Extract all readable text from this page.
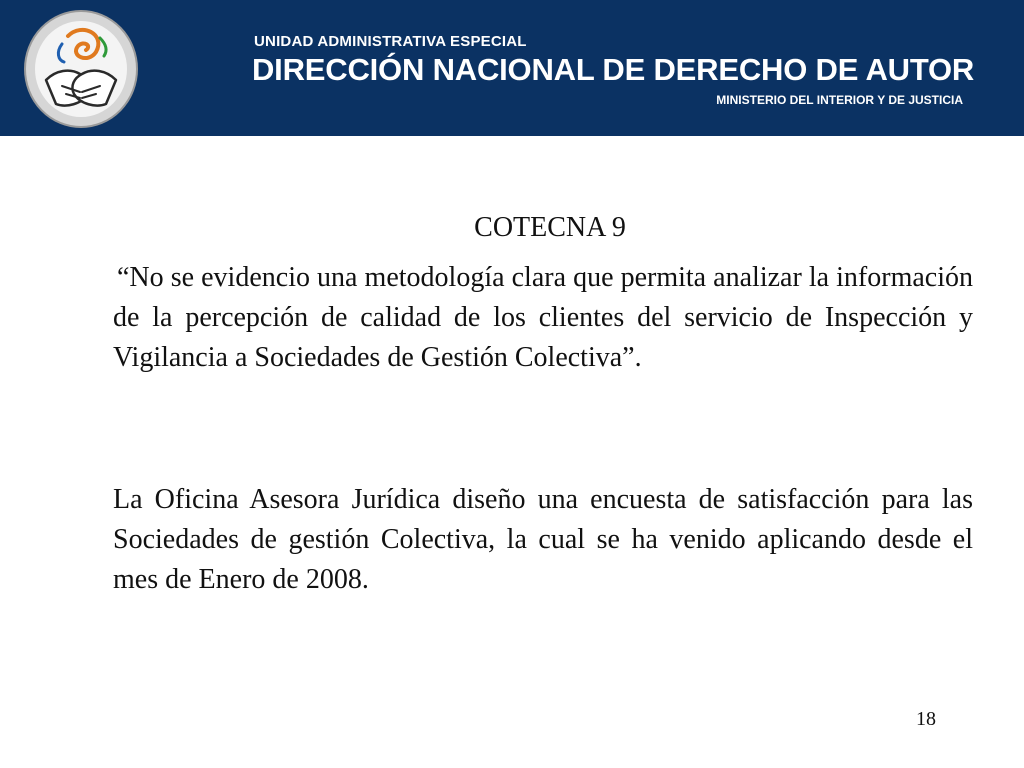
UNIDAD ADMINISTRATIVA ESPECIAL
DIRECCIÓN NACIONAL DE DERECHO DE AUTOR
MINISTERIO DEL INTERIOR Y DE JUSTICIA
COTECNA 9
“No se evidencio una metodología clara que permita analizar la información de la percepción de calidad de los clientes del servicio de Inspección y Vigilancia a Sociedades de Gestión Colectiva”.
La Oficina Asesora Jurídica diseño una encuesta de satisfacción para las Sociedades de gestión Colectiva, la cual se ha venido aplicando desde el mes de Enero de 2008.
18
